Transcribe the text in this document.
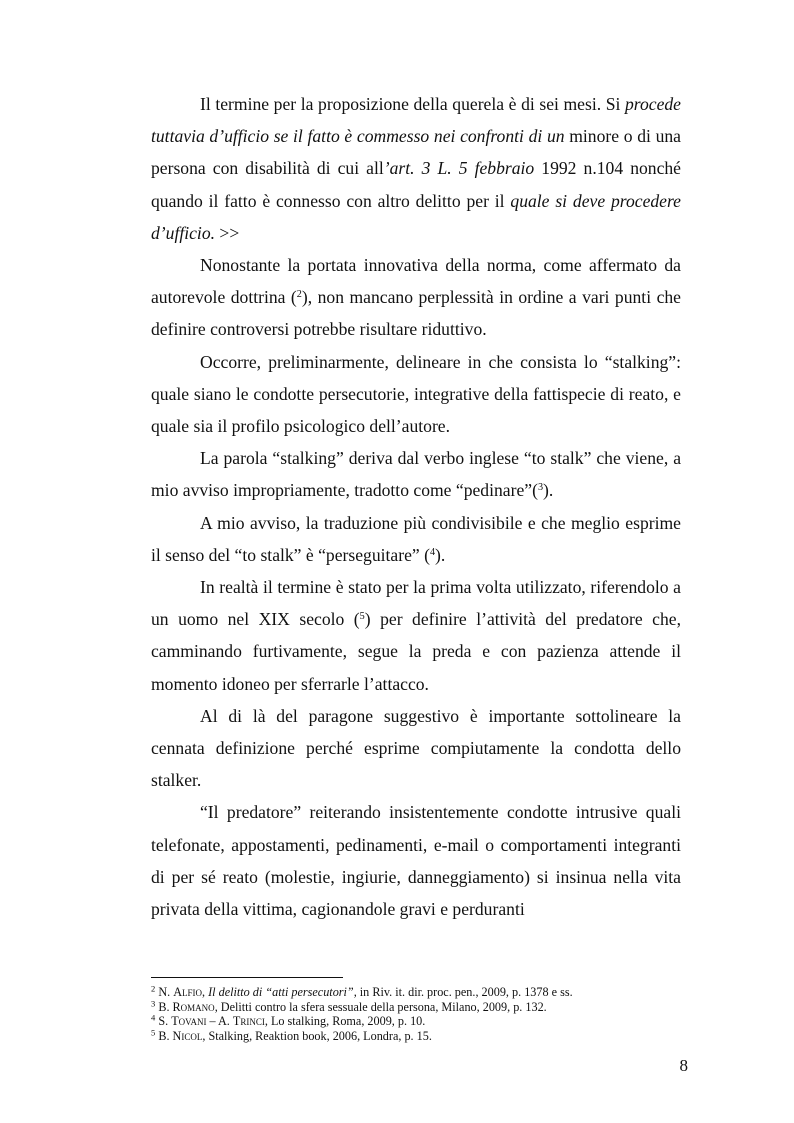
Il termine per la proposizione della querela è di sei mesi. Si procede tuttavia d’ufficio se il fatto è commesso nei confronti di un minore o di una persona con disabilità di cui all’art. 3 L. 5 febbraio 1992 n.104 nonché quando il fatto è connesso con altro delitto per il quale si deve procedere d’ufficio. >>

Nonostante la portata innovativa della norma, come affermato da autorevole dottrina ($^2$), non mancano perplessità in ordine a vari punti che definire controversi potrebbe risultare riduttivo.

Occorre, preliminarmente, delineare in che consista lo “stalking”: quale siano le condotte persecutorie, integrative della fattispecie di reato, e quale sia il profilo psicologico dell’autore.

La parola “stalking” deriva dal verbo inglese “to stalk” che viene, a mio avviso impropriamente, tradotto come “pedinare”($^3$).

A mio avviso, la traduzione più condivisibile e che meglio esprime il senso del “to stalk” è “perseguitare” ($^4$).

In realtà il termine è stato per la prima volta utilizzato, riferendolo a un uomo nel XIX secolo ($^5$) per definire l’attività del predatore che, camminando furtivamente, segue la preda e con pazienza attende il momento idoneo per sferrarle l’attacco.

Al di là del paragone suggestivo è importante sottolineare la cennata definizione perché esprime compiutamente la condotta dello stalker.

“Il predatore” reiterando insistentemente condotte intrusive quali telefonate, appostamenti, pedinamenti, e-mail o comportamenti integranti di per sé reato (molestie, ingiurie, danneggiamento) si insinua nella vita privata della vittima, cagionandole gravi e perduranti

$^2$ N. Alfio, Il delitto di “atti persecutori”, in Riv. it. dir. proc. pen., 2009, p. 1378 e ss.

$^3$ B. Romano, Delitti contro la sfera sessuale della persona, Milano, 2009, p. 132.

$^4$ S. Tovani – A. Trinci, Lo stalking, Roma, 2009, p. 10.

$^5$ B. Nicol, Stalking, Reaktion book, 2006, Londra, p. 15.

8
